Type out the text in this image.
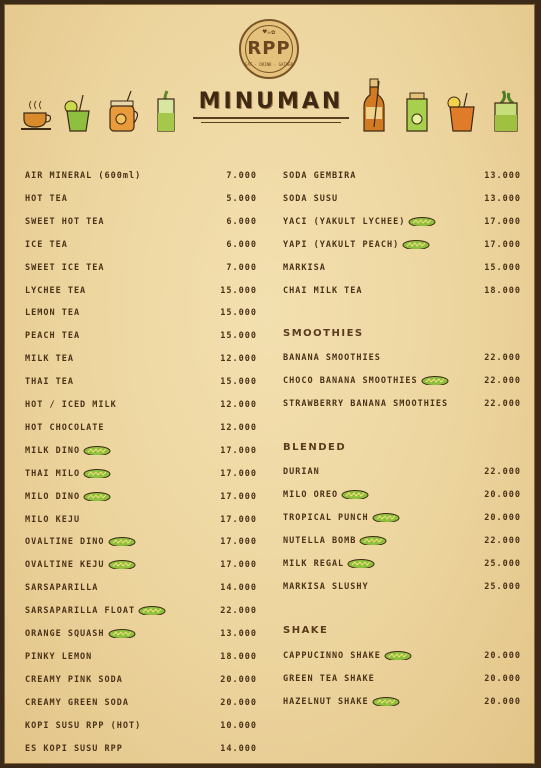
♥☕✿
RPP
EAT · DRINK · GATHER
MINUMAN
AIR MINERAL (600ml)	7.000
HOT TEA	5.000
SWEET HOT TEA	6.000
ICE TEA	6.000
SWEET ICE TEA	7.000
LYCHEE TEA	15.000
LEMON TEA	15.000
PEACH TEA	15.000
MILK TEA	12.000
THAI TEA	15.000
HOT / ICED MILK	12.000
HOT CHOCOLATE	12.000
MILK DINO	17.000
THAI MILO	17.000
MILO DINO	17.000
MILO KEJU	17.000
OVALTINE DINO	17.000
OVALTINE KEJU	17.000
SARSAPARILLA	14.000
SARSAPARILLA FLOAT	22.000
ORANGE SQUASH	13.000
PINKY LEMON	18.000
CREAMY PINK SODA	20.000
CREAMY GREEN SODA	20.000
KOPI SUSU RPP (HOT)	10.000
ES KOPI SUSU RPP	14.000
SODA GEMBIRA	13.000
SODA SUSU	13.000
YACI (YAKULT LYCHEE)	17.000
YAPI (YAKULT PEACH)	17.000
MARKISA	15.000
CHAI MILK TEA	18.000
SMOOTHIES
BANANA SMOOTHIES	22.000
CHOCO BANANA SMOOTHIES	22.000
STRAWBERRY BANANA SMOOTHIES	22.000
BLENDED
DURIAN	22.000
MILO OREO	20.000
TROPICAL PUNCH	20.000
NUTELLA BOMB	22.000
MILK REGAL	25.000
MARKISA SLUSHY	25.000
SHAKE
CAPPUCINNO SHAKE	20.000
GREEN TEA SHAKE	20.000
HAZELNUT SHAKE	20.000
